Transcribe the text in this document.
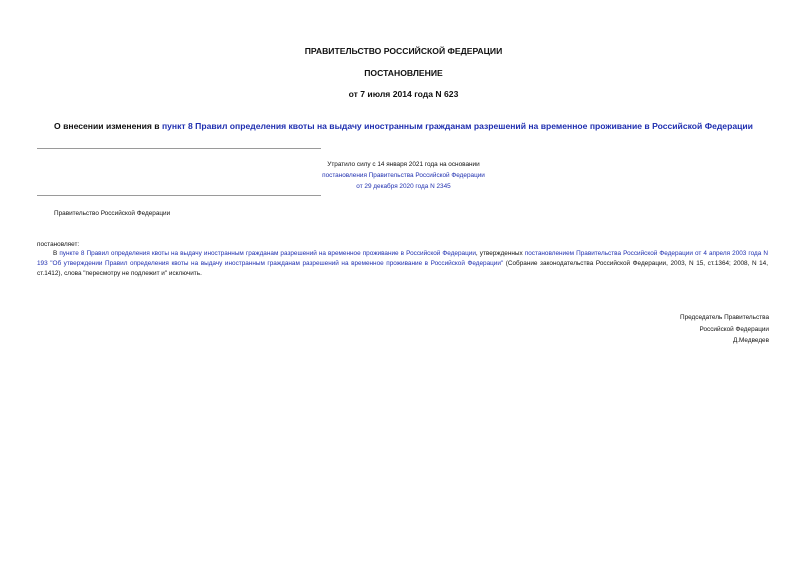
ПРАВИТЕЛЬСТВО РОССИЙСКОЙ ФЕДЕРАЦИИ
ПОСТАНОВЛЕНИЕ
от 7 июля 2014 года N 623
О внесении изменения в пункт 8 Правил определения квоты на выдачу иностранным гражданам разрешений на временное проживание в Российской Федерации
Утратило силу с 14 января 2021 года на основании
постановления Правительства Российской Федерации
от 29 декабря 2020 года N 2345
Правительство Российской Федерации
постановляет:

В пункте 8 Правил определения квоты на выдачу иностранным гражданам разрешений на временное проживание в Российской Федерации, утвержденных постановлением Правительства Российской Федерации от 4 апреля 2003 года N 193 "Об утверждении Правил определения квоты на выдачу иностранным гражданам разрешений на временное проживание в Российской Федерации" (Собрание законодательства Российской Федерации, 2003, N 15, ст.1364; 2008, N 14, ст.1412), слова "пересмотру не подлежит и" исключить.

Председатель Правительства
Российской Федерации
Д.Медведев
